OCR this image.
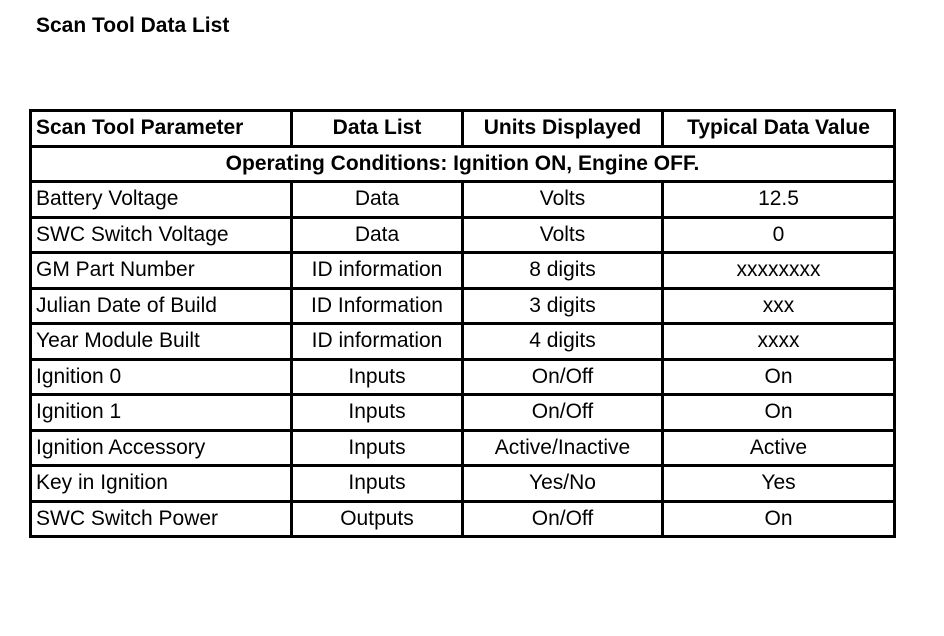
Scan Tool Data List
Scan Tool Parameter	Data List	Units Displayed	Typical Data Value
Operating Conditions: Ignition ON, Engine OFF.			
Battery Voltage	Data	Volts	12.5
SWC Switch Voltage	Data	Volts	0
GM Part Number	ID information	8 digits	xxxxxxxx
Julian Date of Build	ID Information	3 digits	xxx
Year Module Built	ID information	4 digits	xxxx
Ignition 0	Inputs	On/Off	On
Ignition 1	Inputs	On/Off	On
Ignition Accessory	Inputs	Active/Inactive	Active
Key in Ignition	Inputs	Yes/No	Yes
SWC Switch Power	Outputs	On/Off	On
